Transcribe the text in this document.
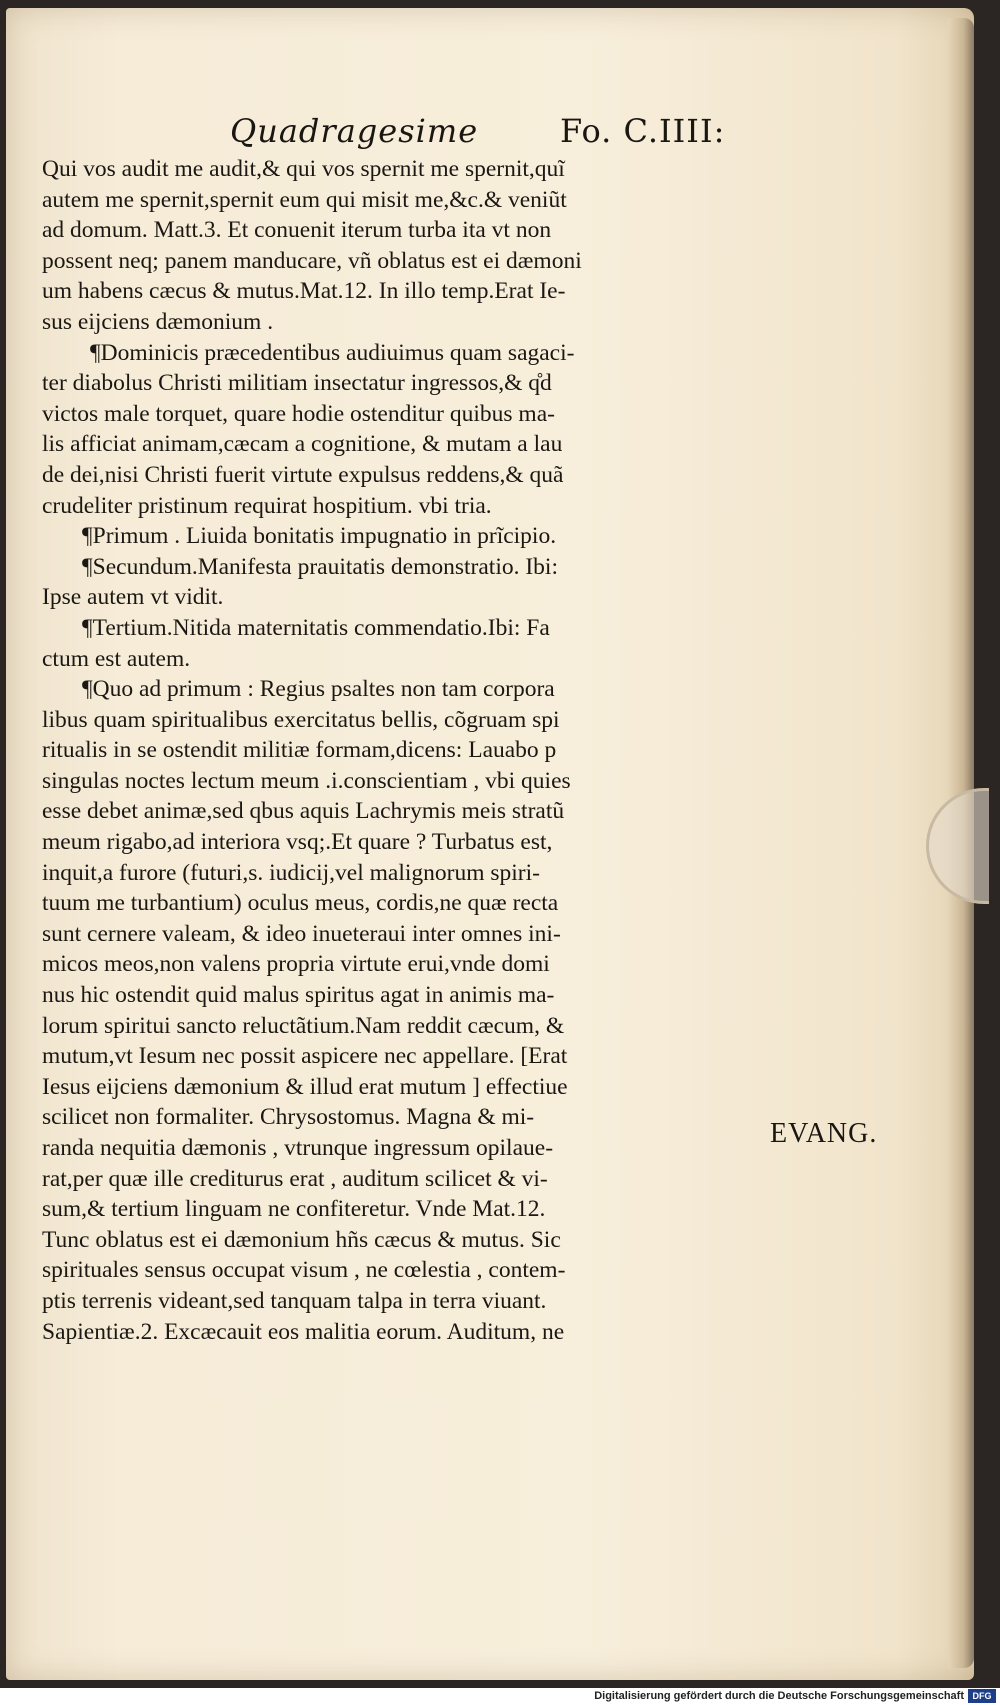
Quadragesime	Fo. C.IIII:
Qui vos audit me audit,& qui vos spernit me spernit,quĩ
autem me spernit,spernit eum qui misit me,&c.& veniũt
ad domum. Matt.3. Et conuenit iterum turba ita vt non
possent neq; panem manducare, vñ oblatus est ei dæmoni
um habens cæcus & mutus.Mat.12. In illo temp.Erat Ie-
sus eijciens dæmonium .
¶Dominicis præcedentibus audiuimus quam sagaci-
ter diabolus Christi militiam insectatur ingressos,& q̊d
victos male torquet, quare hodie ostenditur quibus ma-
lis afficiat animam,cæcam a cognitione, & mutam a lau
de dei,nisi Christi fuerit virtute expulsus reddens,& quã
crudeliter pristinum requirat hospitium. vbi tria.
¶Primum . Liuida bonitatis impugnatio in prĩcipio.
¶Secundum.Manifesta prauitatis demonstratio. Ibi:
Ipse autem vt vidit.
¶Tertium.Nitida maternitatis commendatio.Ibi: Fa
ctum est autem.
¶Quo ad primum : Regius psaltes non tam corpora
libus quam spiritualibus exercitatus bellis, cõgruam spi
ritualis in se ostendit militiæ formam,dicens: Lauabo p
singulas noctes lectum meum .i.conscientiam , vbi quies
esse debet animæ,sed qbus aquis Lachrymis meis stratũ
meum rigabo,ad interiora vsq;.Et quare ? Turbatus est,
inquit,a furore (futuri,s. iudicij,vel malignorum spiri-
tuum me turbantium) oculus meus, cordis,ne quæ recta
sunt cernere valeam, & ideo inueteraui inter omnes ini-
micos meos,non valens propria virtute erui,vnde domi
nus hic ostendit quid malus spiritus agat in animis ma-
lorum spiritui sancto reluctãtium.Nam reddit cæcum, &
mutum,vt Iesum nec possit aspicere nec appellare. [Erat
Iesus eijciens dæmonium & illud erat mutum ] effectiue
scilicet non formaliter. Chrysostomus. Magna & mi-
randa nequitia dæmonis , vtrunque ingressum opilaue-
rat,per quæ ille crediturus erat , auditum scilicet & vi-
sum,& tertium linguam ne confiteretur. Vnde Mat.12.
Tunc oblatus est ei dæmonium hñs cæcus & mutus. Sic
spirituales sensus occupat visum , ne cœlestia , contem-
ptis terrenis videant,sed tanquam talpa in terra viuant.
Sapientiæ.2. Excæcauit eos malitia eorum. Auditum, ne
EVANG.
Digitalisierung gefördert durch die Deutsche Forschungsgemeinschaft DFG
